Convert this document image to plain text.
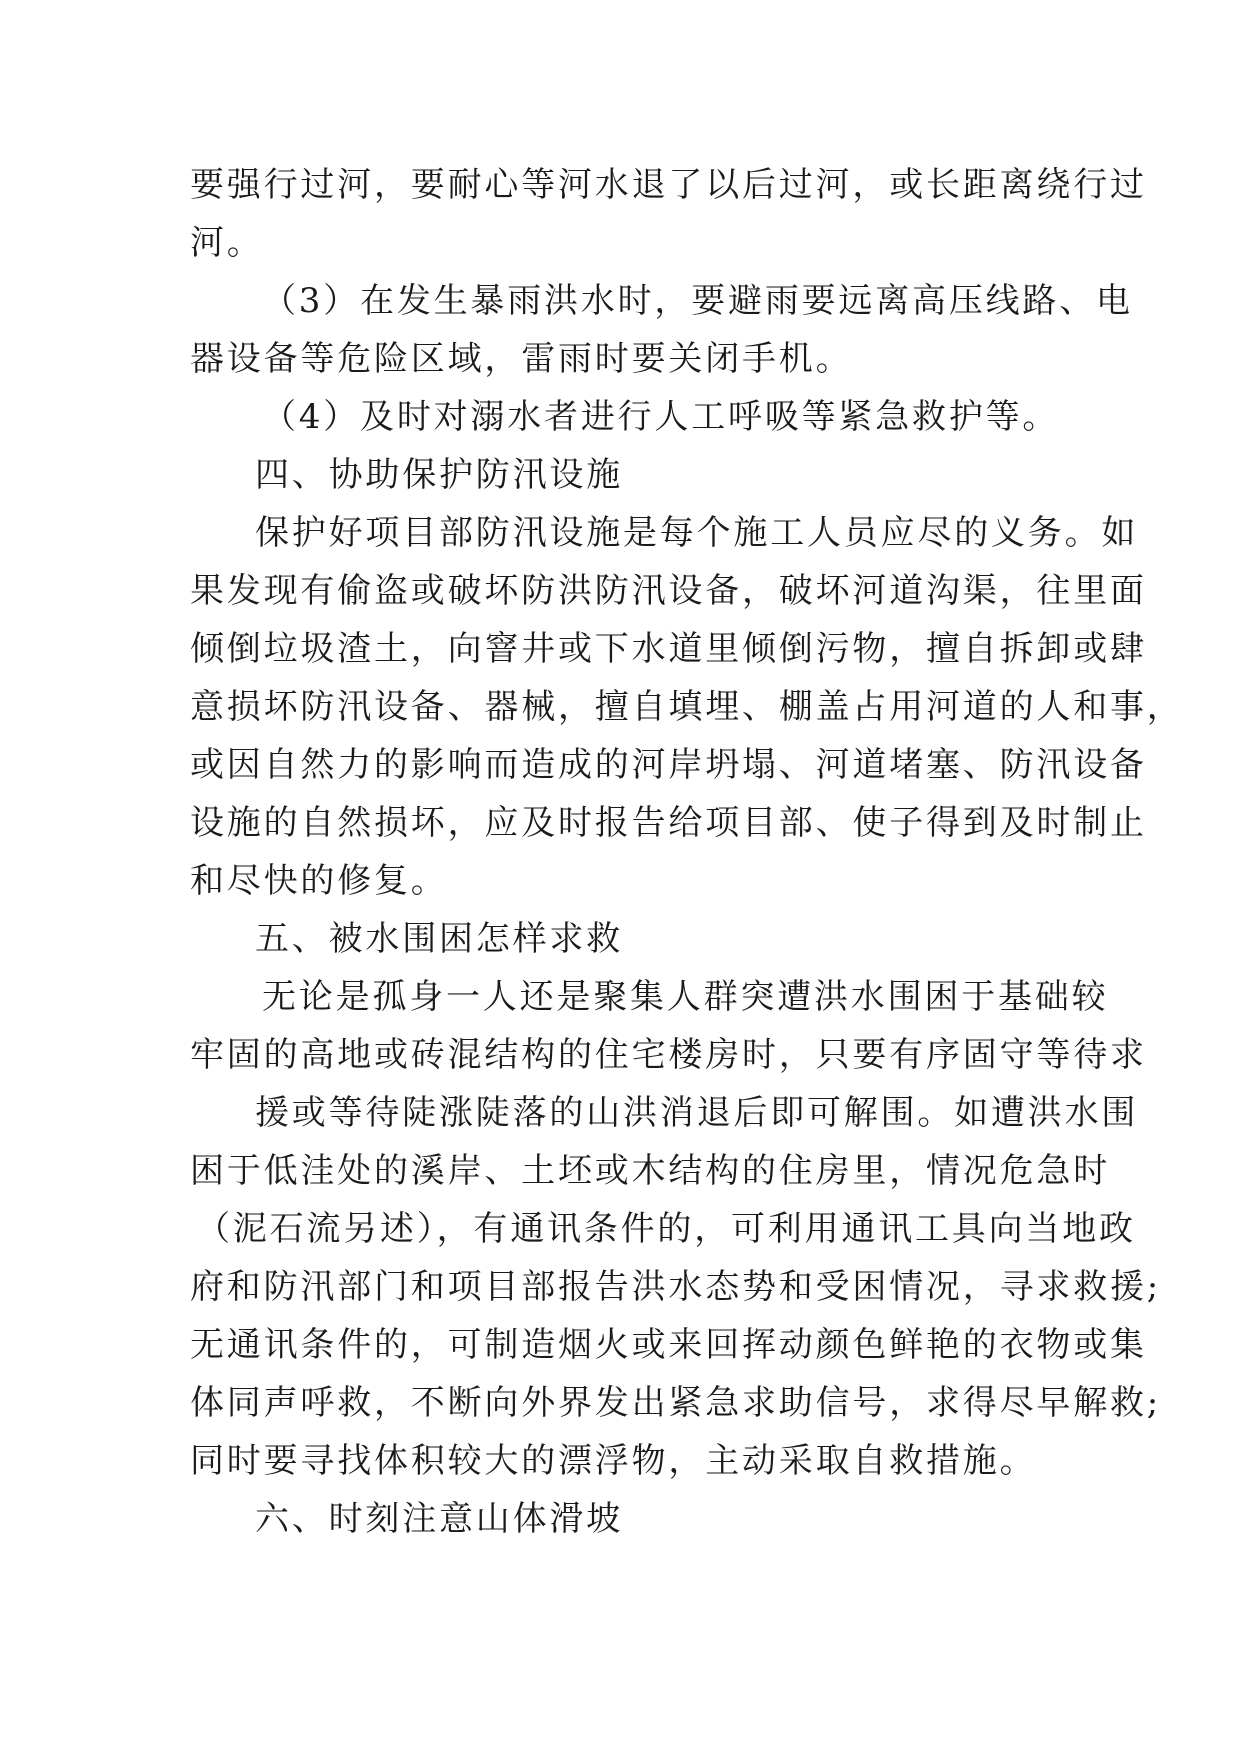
要强行过河，要耐心等河水退了以后过河，或长距离绕行过
河。
（3）在发生暴雨洪水时，要避雨要远离高压线路、电
器设备等危险区域，雷雨时要关闭手机。
（4）及时对溺水者进行人工呼吸等紧急救护等。
四、协助保护防汛设施
保护好项目部防汛设施是每个施工人员应尽的义务。如
果发现有偷盗或破坏防洪防汛设备，破坏河道沟渠，往里面
倾倒垃圾渣土，向窨井或下水道里倾倒污物，擅自拆卸或肆
意损坏防汛设备、器械，擅自填埋、棚盖占用河道的人和事，
或因自然力的影响而造成的河岸坍塌、河道堵塞、防汛设备
设施的自然损坏，应及时报告给项目部、使子得到及时制止
和尽快的修复。
五、被水围困怎样求救
无论是孤身一人还是聚集人群突遭洪水围困于基础较
牢固的高地或砖混结构的住宅楼房时，只要有序固守等待求
援或等待陡涨陡落的山洪消退后即可解围。如遭洪水围
困于低洼处的溪岸、土坯或木结构的住房里，情况危急时
（泥石流另述），有通讯条件的，可利用通讯工具向当地政
府和防汛部门和项目部报告洪水态势和受困情况，寻求救援;
无通讯条件的，可制造烟火或来回挥动颜色鲜艳的衣物或集
体同声呼救，不断向外界发出紧急求助信号，求得尽早解救;
同时要寻找体积较大的漂浮物，主动采取自救措施。
六、时刻注意山体滑坡
